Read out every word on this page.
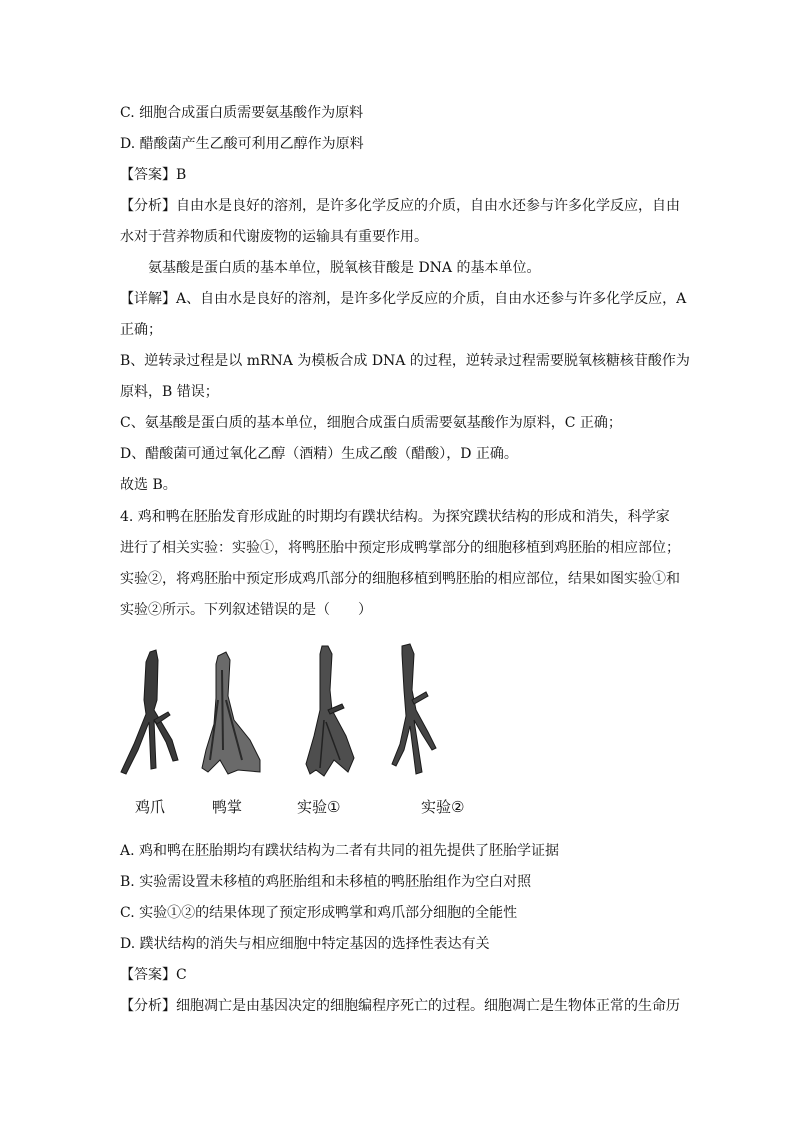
C. 细胞合成蛋白质需要氨基酸作为原料
D. 醋酸菌产生乙酸可利用乙醇作为原料
【答案】B
【分析】自由水是良好的溶剂，是许多化学反应的介质，自由水还参与许多化学反应，自由
水对于营养物质和代谢废物的运输具有重要作用。
氨基酸是蛋白质的基本单位，脱氧核苷酸是 DNA 的基本单位。
【详解】A、自由水是良好的溶剂，是许多化学反应的介质，自由水还参与许多化学反应，A
正确；
B、逆转录过程是以 mRNA 为模板合成 DNA 的过程，逆转录过程需要脱氧核糖核苷酸作为
原料，B 错误；
C、氨基酸是蛋白质的基本单位，细胞合成蛋白质需要氨基酸作为原料，C 正确；
D、醋酸菌可通过氧化乙醇（酒精）生成乙酸（醋酸），D 正确。
故选 B。
4. 鸡和鸭在胚胎发育形成趾的时期均有蹼状结构。为探究蹼状结构的形成和消失，科学家
进行了相关实验：实验①，将鸭胚胎中预定形成鸭掌部分的细胞移植到鸡胚胎的相应部位；
实验②，将鸡胚胎中预定形成鸡爪部分的细胞移植到鸭胚胎的相应部位，结果如图实验①和
实验②所示。下列叙述错误的是（　　）
鸡爪	鸭掌	实验①	实验②
A. 鸡和鸭在胚胎期均有蹼状结构为二者有共同的祖先提供了胚胎学证据
B. 实验需设置未移植的鸡胚胎组和未移植的鸭胚胎组作为空白对照
C. 实验①②的结果体现了预定形成鸭掌和鸡爪部分细胞的全能性
D. 蹼状结构的消失与相应细胞中特定基因的选择性表达有关
【答案】C
【分析】细胞凋亡是由基因决定的细胞编程序死亡的过程。细胞凋亡是生物体正常的生命历
